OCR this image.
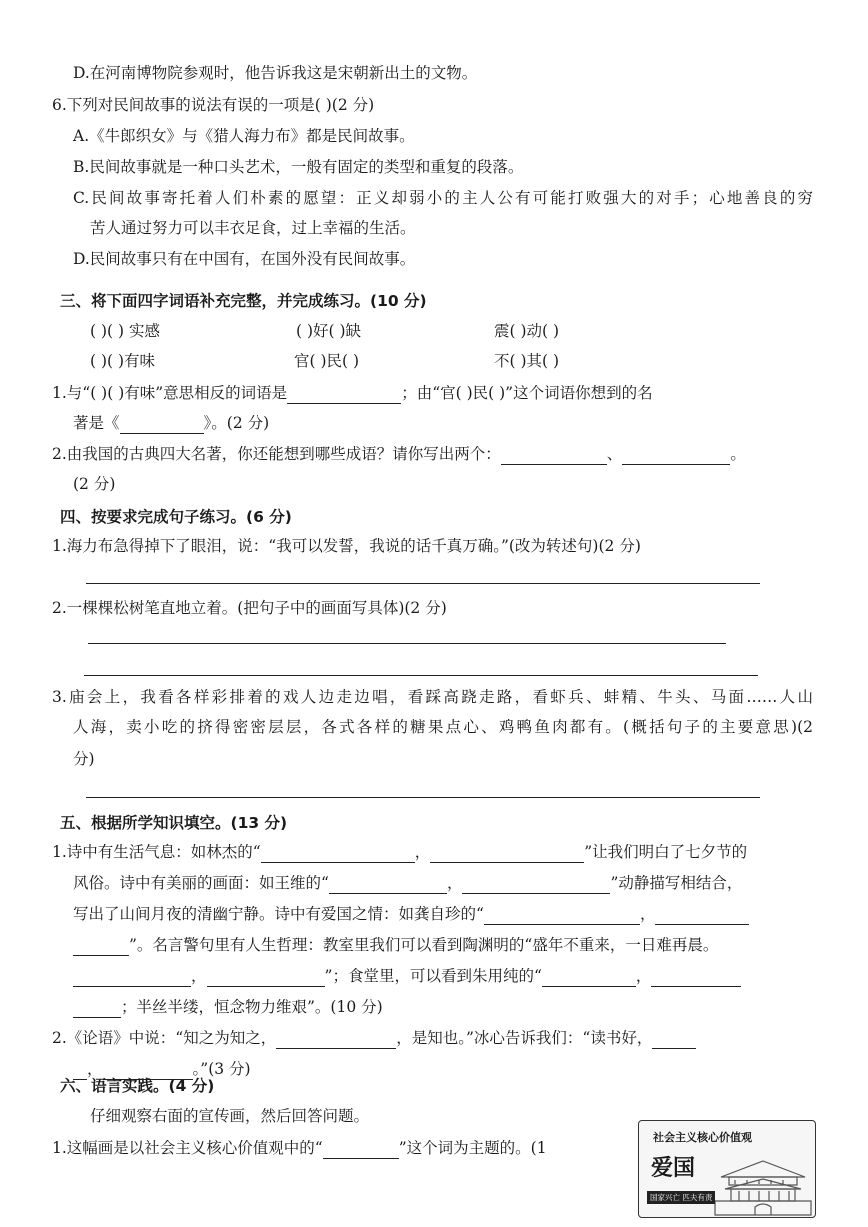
D.在河南博物院参观时，他告诉我这是宋朝新出土的文物。
6.下列对民间故事的说法有误的一项是( )(2 分)
A.《牛郎织女》与《猎人海力布》都是民间故事。
B.民间故事就是一种口头艺术，一般有固定的类型和重复的段落。
C.民间故事寄托着人们朴素的愿望：正义却弱小的主人公有可能打败强大的对手；心地善良的穷
苦人通过努力可以丰衣足食，过上幸福的生活。
D.民间故事只有在中国有，在国外没有民间故事。
三、将下面四字词语补充完整，并完成练习。(10 分)
( )( ) 实感	( )好( )缺	震( )动( )
( )( )有味	官( )民( )	不( )其( )
1.与“( )( )有味”意思相反的词语是	；由“官( )民( )”这个词语你想到的名
著是《	》。(2 分)
2.由我国的古典四大名著，你还能想到哪些成语？请你写出两个：	、	。
(2 分)
四、按要求完成句子练习。(6 分)
1.海力布急得掉下了眼泪，说：“我可以发誓，我说的话千真万确。”(改为转述句)(2 分)
2.一棵棵松树笔直地立着。(把句子中的画面写具体)(2 分)
3.庙会上，我看各样彩排着的戏人边走边唱，看踩高跷走路，看虾兵、蚌精、牛头、马面……人山
人海，卖小吃的挤得密密层层，各式各样的糖果点心、鸡鸭鱼肉都有。(概括句子的主要意思)(2
分)
五、根据所学知识填空。(13 分)
1.诗中有生活气息：如林杰的“	，	”让我们明白了七夕节的
风俗。诗中有美丽的画面：如王维的“	，	”动静描写相结合，
写出了山间月夜的清幽宁静。诗中有爱国之情：如龚自珍的“	，
”。名言警句里有人生哲理：教室里我们可以看到陶渊明的“盛年不重来，一日难再晨。
，	”；食堂里，可以看到朱用纯的“	，
；半丝半缕，恒念物力维艰”。(10 分)
2.《论语》中说：“知之为知之，	，是知也。”冰心告诉我们：“读书好，
，	。”(3 分)
六、语言实践。(4 分)
仔细观察右面的宣传画，然后回答问题。
1.这幅画是以社会主义核心价值观中的“	”这个词为主题的。(1
社会主义核心价值观
爱国
国家兴亡 匹夫有责
